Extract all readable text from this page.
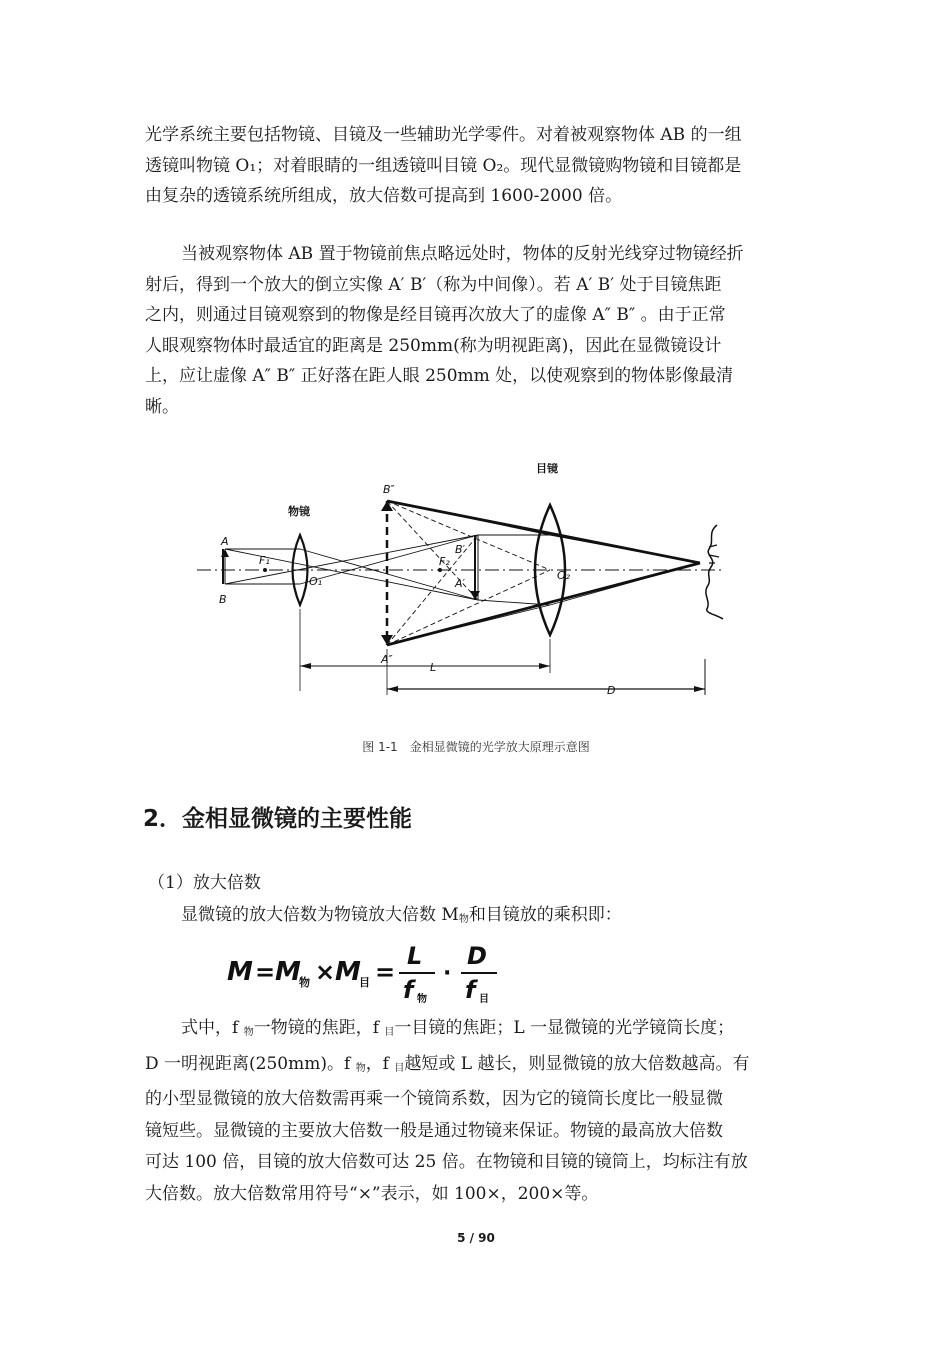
光学系统主要包括物镜、目镜及一些辅助光学零件。对着被观察物体 AB 的一组
透镜叫物镜 O₁；对着眼睛的一组透镜叫目镜 O₂。现代显微镜购物镜和目镜都是
由复杂的透镜系统所组成，放大倍数可提高到 1600-2000 倍。

当被观察物体 AB 置于物镜前焦点略远处时，物体的反射光线穿过物镜经折
射后，得到一个放大的倒立实像 A′ B′（称为中间像）。若 A′ B′ 处于目镜焦距
之内，则通过目镜观察到的物像是经目镜再次放大了的虚像 A″ B″ 。由于正常
人眼观察物体时最适宜的距离是 250mm(称为明视距离)，因此在显微镜设计
上，应让虚像 A″ B″ 正好落在距人眼 250mm 处，以使观察到的物体影像最清
晰。

目镜
物镜
A
B
F₁
O₁
B″
A″
F₂
B′
A′
O₂
L
D
图 1-1　金相显微镜的光学放大原理示意图
2．金相显微镜的主要性能
（1）放大倍数

显微镜的放大倍数为物镜放大倍数 $M_物$和目镜放的乘积即：

M = M
物 × M
目 =
L
f 物
·
D
f 目

式中，f $_物$一物镜的焦距，f $_目$一目镜的焦距；L 一显微镜的光学镜筒长度；
D 一明视距离(250mm)。f $_物$，f $_目$越短或 L 越长，则显微镜的放大倍数越高。有
的小型显微镜的放大倍数需再乘一个镜筒系数，因为它的镜筒长度比一般显微
镜短些。显微镜的主要放大倍数一般是通过物镜来保证。物镜的最高放大倍数
可达 100 倍，目镜的放大倍数可达 25 倍。在物镜和目镜的镜筒上，均标注有放
大倍数。放大倍数常用符号“×”表示，如 100×，200×等。

5 / 90
